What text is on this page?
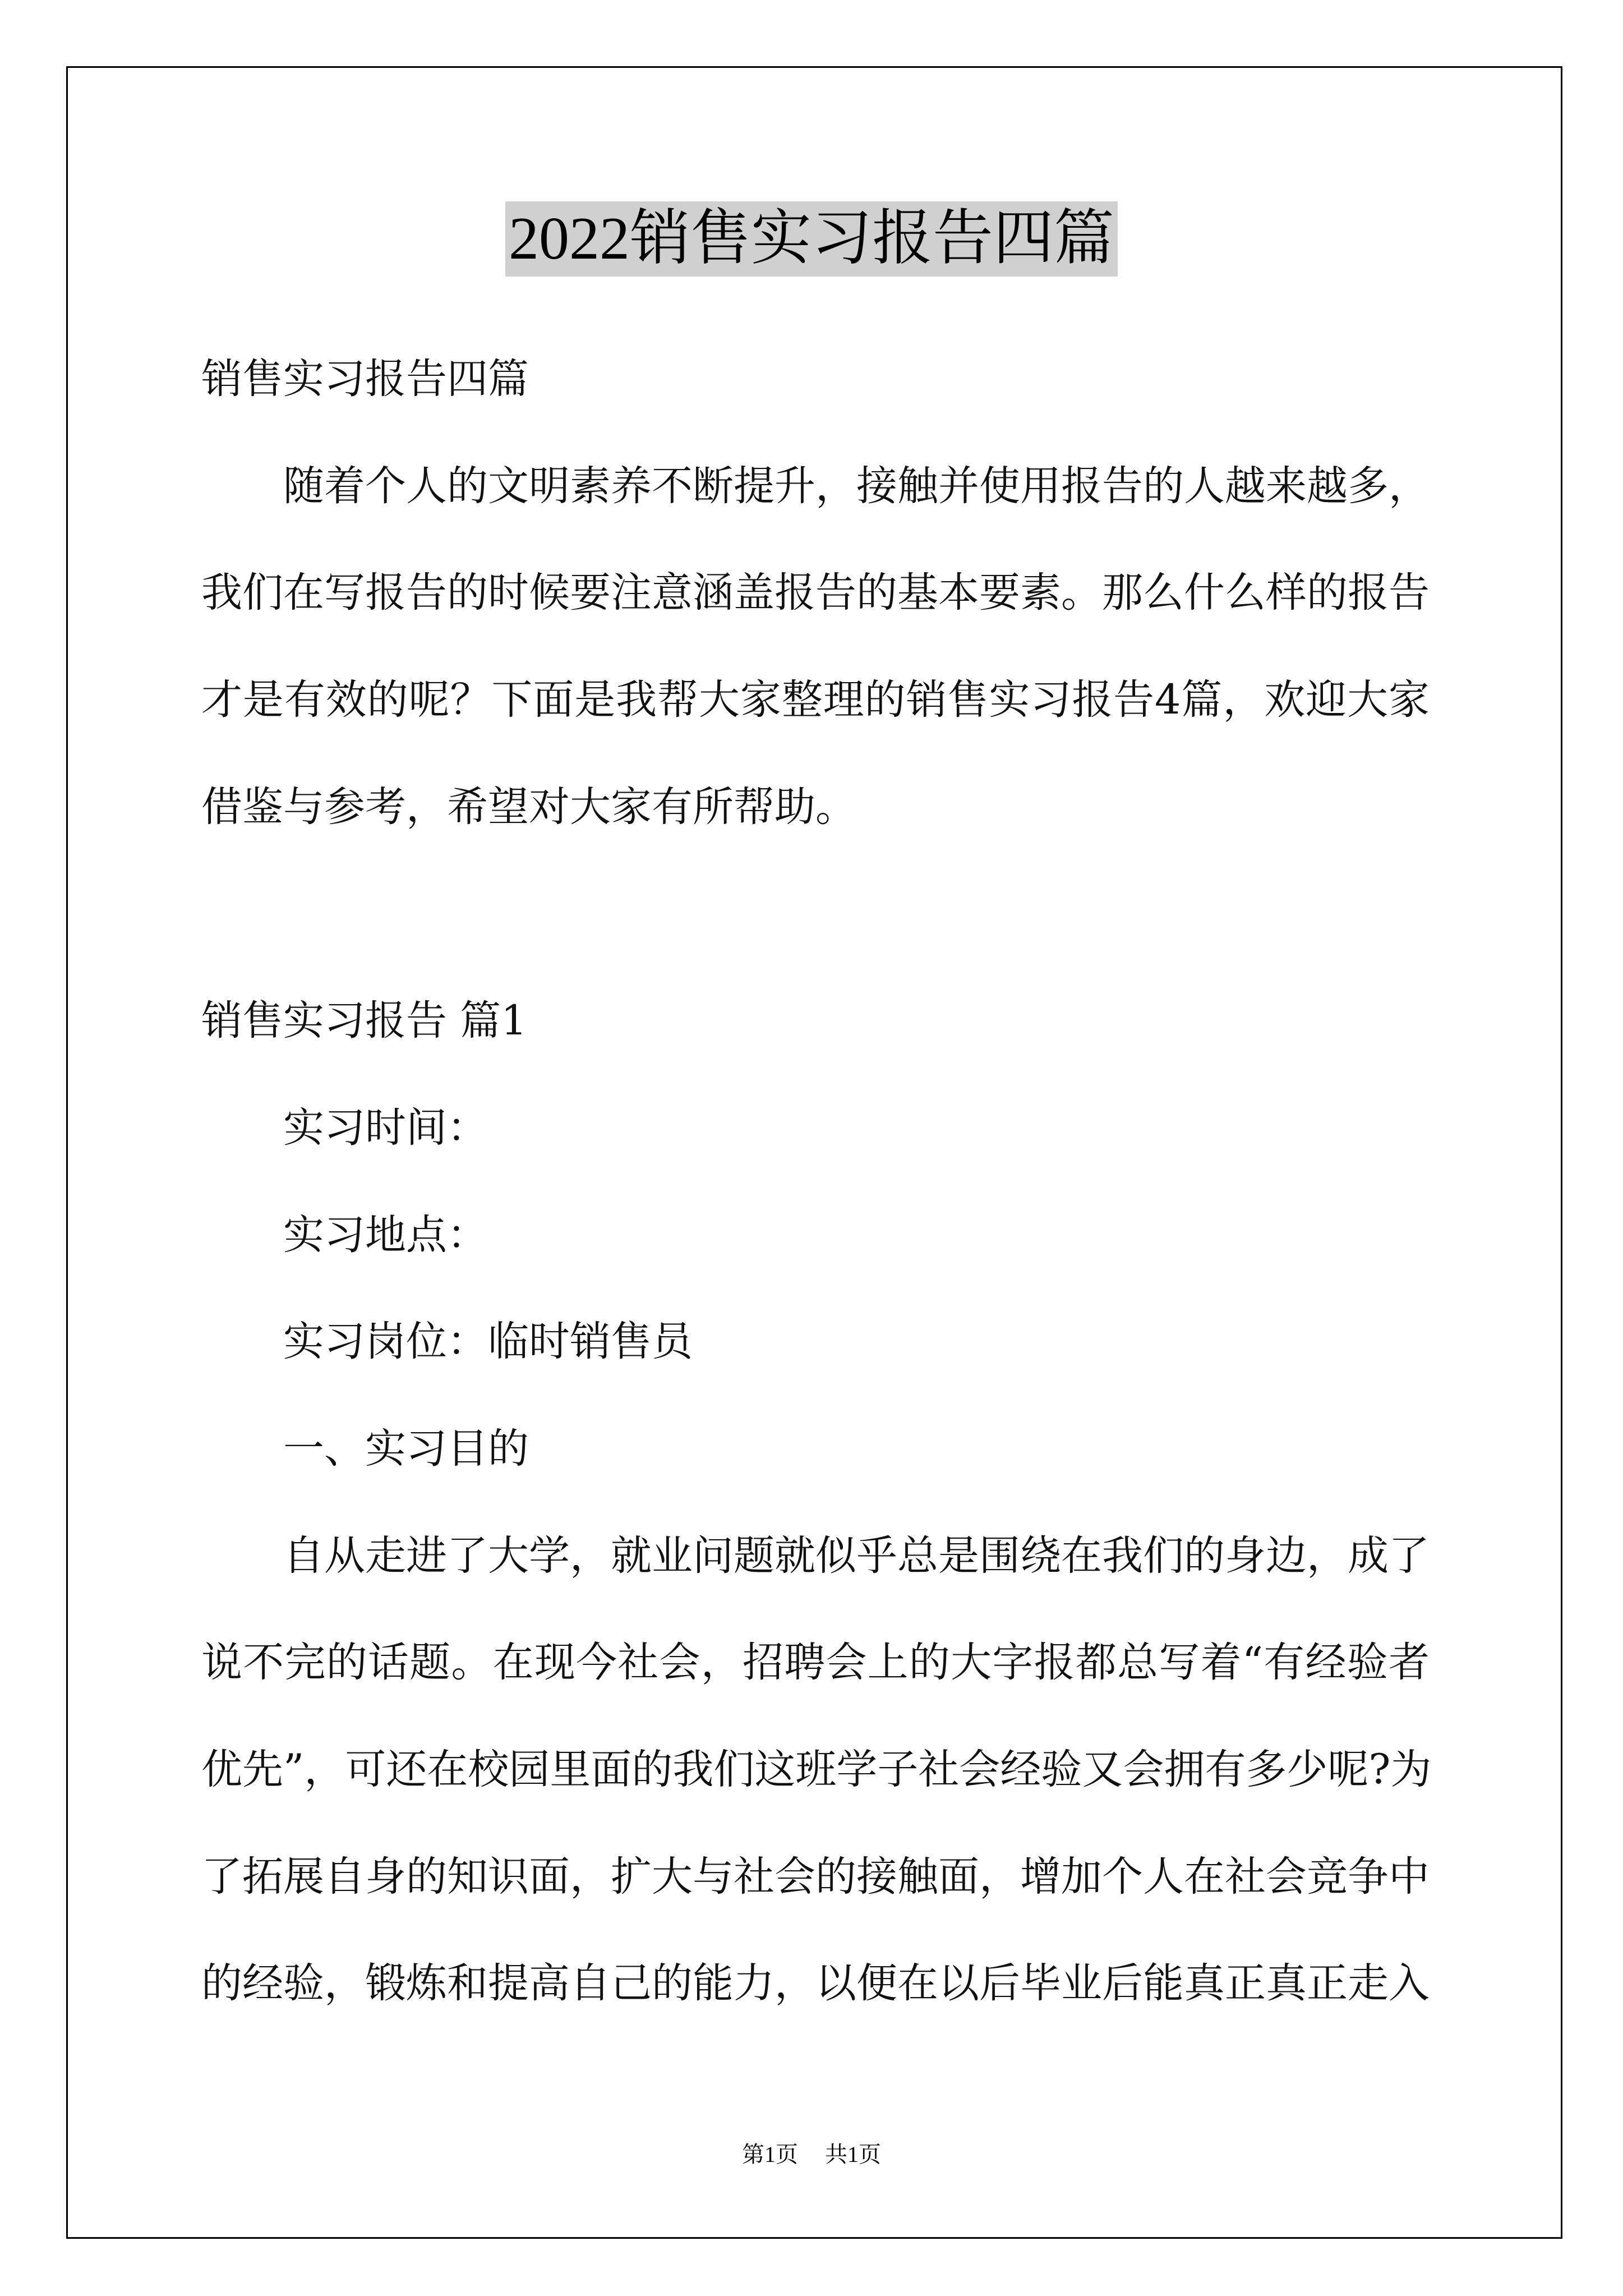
2022销售实习报告四篇
销售实习报告四篇
随着个人的文明素养不断提升，接触并使用报告的人越来越多，
我们在写报告的时候要注意涵盖报告的基本要素。那么什么样的报告
才是有效的呢？下面是我帮大家整理的销售实习报告4篇，欢迎大家
借鉴与参考，希望对大家有所帮助。
销售实习报告 篇1
实习时间：
实习地点：
实习岗位：临时销售员
一、实习目的
自从走进了大学，就业问题就似乎总是围绕在我们的身边，成了
说不完的话题。在现今社会，招聘会上的大字报都总写着“有经验者
优先”，可还在校园里面的我们这班学子社会经验又会拥有多少呢?为
了拓展自身的知识面，扩大与社会的接触面，增加个人在社会竞争中
的经验，锻炼和提高自己的能力，以便在以后毕业后能真正真正走入
第1页 共1页
